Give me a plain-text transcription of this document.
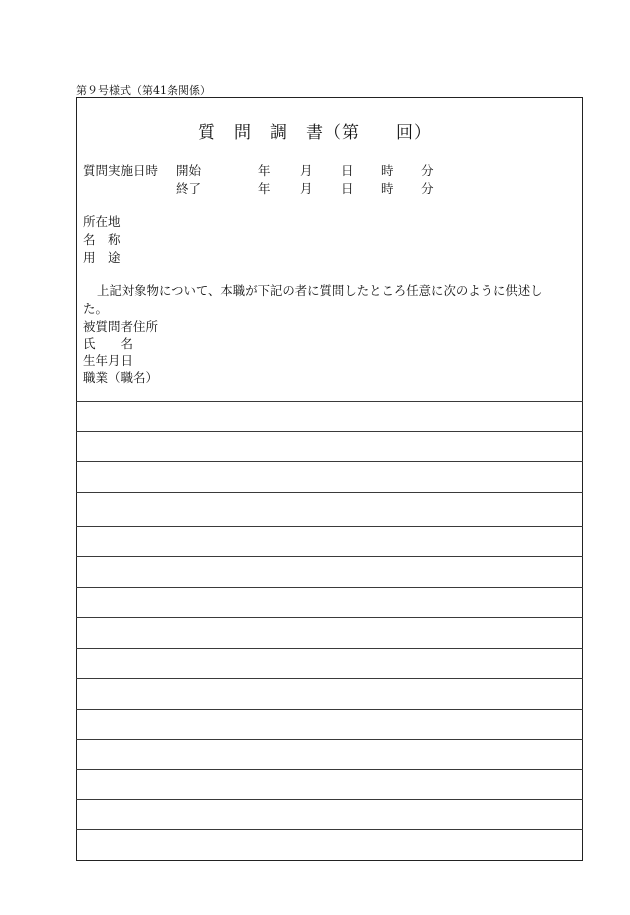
第９号様式（第41条関係）
質　問　調　書（第　　回）
質問実施日時 開始
終了
年 月 日 時 分
年 月 日 時 分
所在地
名　称
用　途
上記対象物について、本職が下記の者に質問したところ任意に次のように供述し
た。
被質問者住所
氏　　名
生年月日
職業（職名）
